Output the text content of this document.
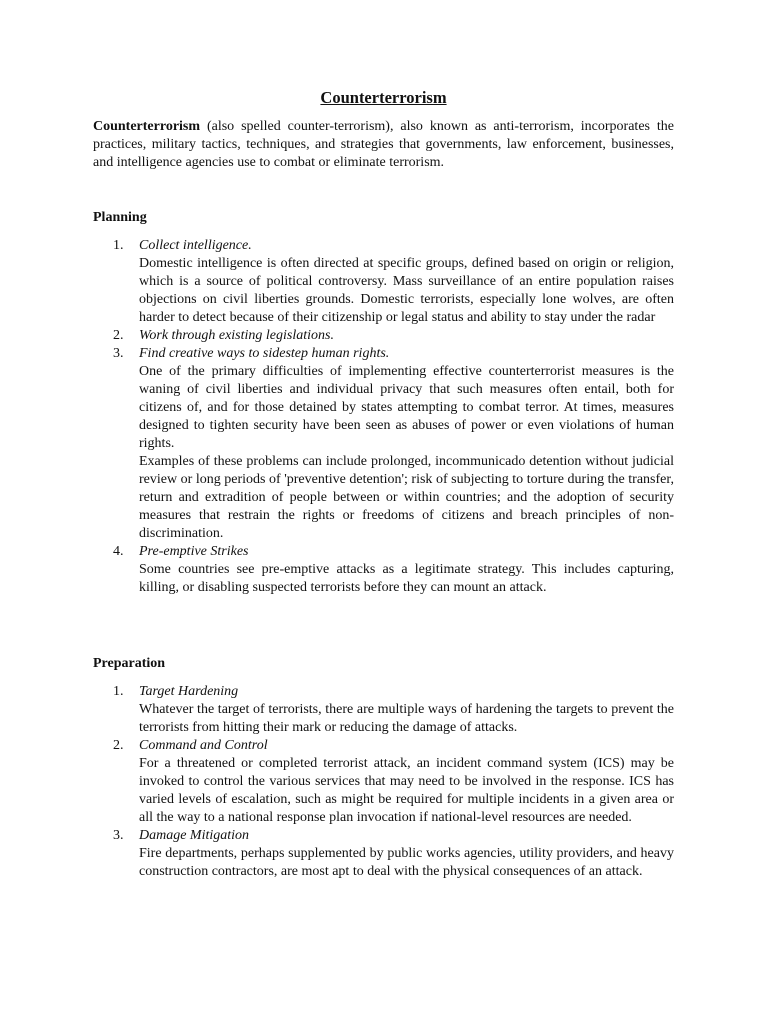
Counterterrorism

Counterterrorism (also spelled counter-terrorism), also known as anti-terrorism, incorporates the practices, military tactics, techniques, and strategies that governments, law enforcement, businesses, and intelligence agencies use to combat or eliminate terrorism.

Planning
1. Collect intelligence.

Domestic intelligence is often directed at specific groups, defined based on origin or religion, which is a source of political controversy. Mass surveillance of an entire population raises objections on civil liberties grounds. Domestic terrorists, especially lone wolves, are often harder to detect because of their citizenship or legal status and ability to stay under the radar

2. Work through existing legislations.

3. Find creative ways to sidestep human rights.

One of the primary difficulties of implementing effective counterterrorist measures is the waning of civil liberties and individual privacy that such measures often entail, both for citizens of, and for those detained by states attempting to combat terror. At times, measures designed to tighten security have been seen as abuses of power or even violations of human rights.

Examples of these problems can include prolonged, incommunicado detention without judicial review or long periods of 'preventive detention'; risk of subjecting to torture during the transfer, return and extradition of people between or within countries; and the adoption of security measures that restrain the rights or freedoms of citizens and breach principles of non-discrimination.

4. Pre-emptive Strikes

Some countries see pre-emptive attacks as a legitimate strategy. This includes capturing, killing, or disabling suspected terrorists before they can mount an attack.

Preparation
1. Target Hardening

Whatever the target of terrorists, there are multiple ways of hardening the targets to prevent the terrorists from hitting their mark or reducing the damage of attacks.

2. Command and Control

For a threatened or completed terrorist attack, an incident command system (ICS) may be invoked to control the various services that may need to be involved in the response. ICS has varied levels of escalation, such as might be required for multiple incidents in a given area or all the way to a national response plan invocation if national-level resources are needed.

3. Damage Mitigation

Fire departments, perhaps supplemented by public works agencies, utility providers, and heavy construction contractors, are most apt to deal with the physical consequences of an attack.
